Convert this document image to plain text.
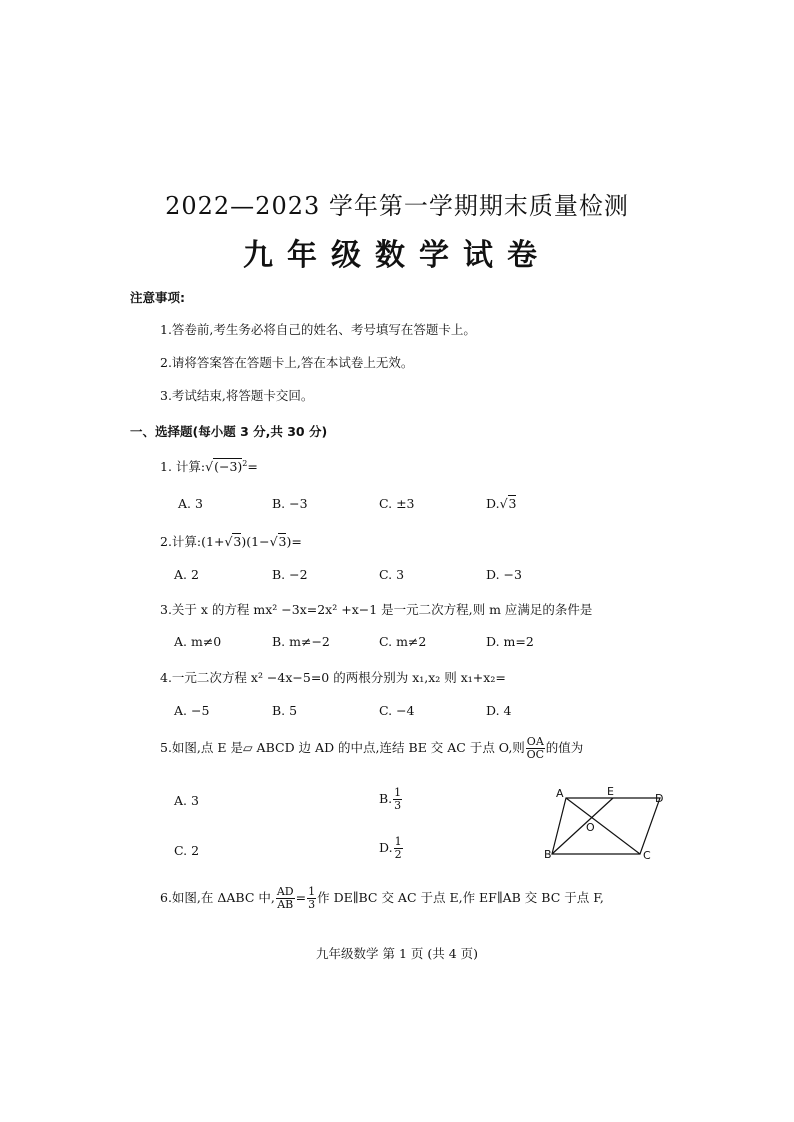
2022—2023 学年第一学期期末质量检测
九年级数学试卷
注意事项:
1.答卷前,考生务必将自己的姓名、考号填写在答题卡上。
2.请将答案答在答题卡上,答在本试卷上无效。
3.考试结束,将答题卡交回。
一、选择题(每小题 3 分,共 30 分)
1. 计算$:√(-3)^2=$
A. 3	B. −3	C. ±3	D.√3
2.计算:(1+√3)(1−√3)=
A. 2	B. −2	C. 3	D. −3
3.关于 x 的方程 mx² −3x=2x² +x−1 是一元二次方程,则 m 应满足的条件是
A. m≠0	B. m≠−2	C. m≠2	D. m=2
4.一元二次方程 x² −4x−5=0 的两根分别为 x₁,x₂ 则 x₁+x₂=
A. −5	B. 5	C. −4	D. 4
5.如图,点 E 是▱ ABCD 边 AD 的中点,连结 BE 交 AC 于点 O,则 $\frac{OA}{OC}$ 的值为
A. 3	B. $\frac{1}{3}$
C. 2	D. $\frac{1}{2}$
A	E
D
O
B	C
6.如图,在 ΔABC 中, $\frac{AD}{AB} = \frac{1}{3}$ 作 DE∥BC 交 AC 于点 E,作 EF∥AB 交 BC 于点 F,
九年级数学 第 1 页 (共 4 页)
